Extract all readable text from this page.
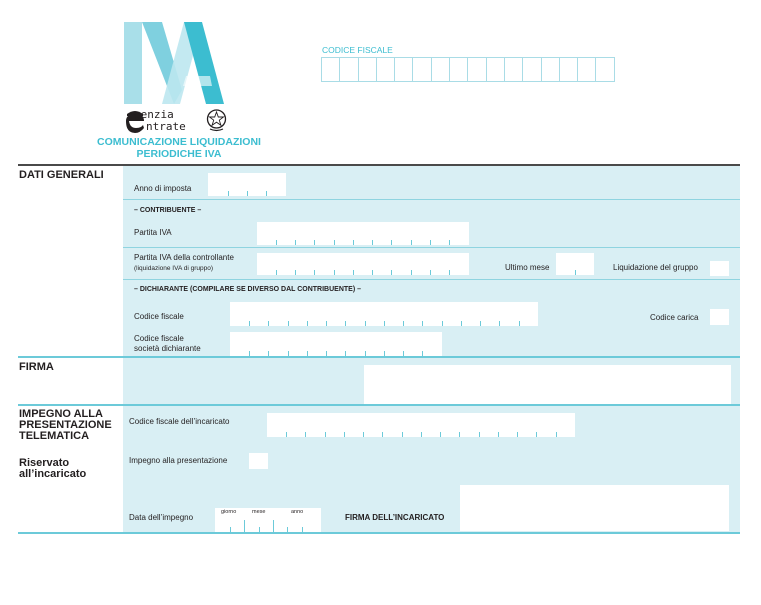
genzia
ntrate
COMUNICAZIONE LIQUIDAZIONI
PERIODICHE IVA
CODICE FISCALE
DATI GENERALI
Anno di imposta
– CONTRIBUENTE –
Partita IVA
Partita IVA della controllante
(liquidazione IVA di gruppo)	Ultimo mese	Liquidazione del gruppo
– DICHIARANTE (COMPILARE SE DIVERSO DAL CONTRIBUENTE) –
Codice fiscale	Codice carica
Codice fiscale
società dichiarante
FIRMA
IMPEGNO ALLA
PRESENTAZIONE
TELEMATICA
Riservato
all’incaricato
Codice fiscale dell’incaricato
Impegno alla presentazione
Data dell’impegno
giorno	mese	anno
FIRMA DELL’INCARICATO
